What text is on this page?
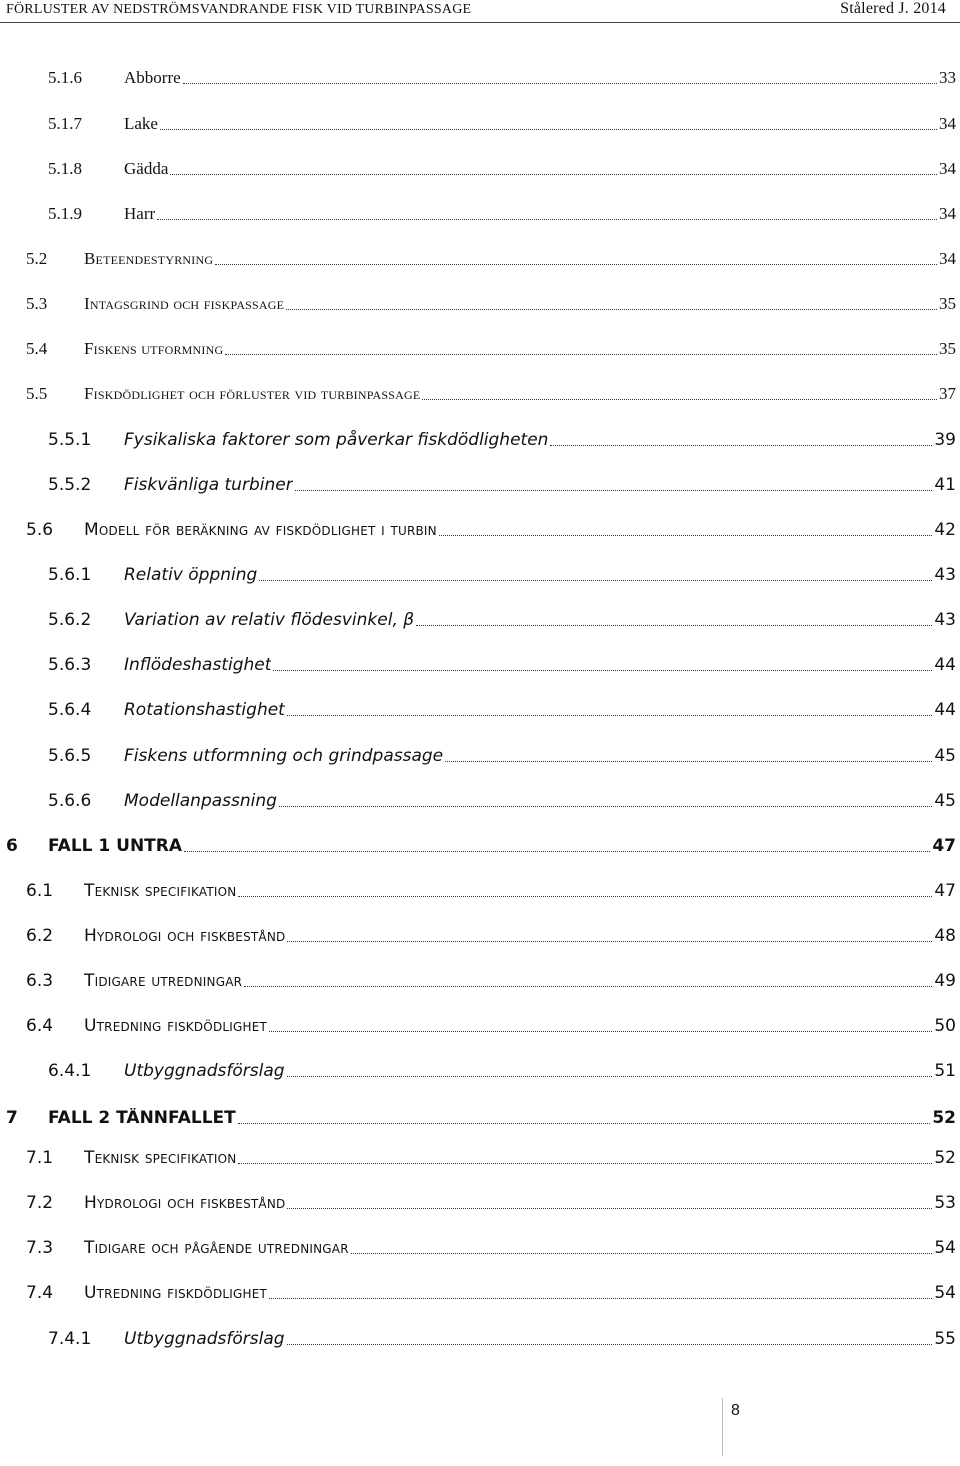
FÖRLUSTER AV NEDSTRÖMSVANDRANDE FISK VID TURBINPASSAGE	Stålered J. 2014
5.1.6	Abborre	33
5.1.7	Lake	34
5.1.8	Gädda	34
5.1.9	Harr	34
5.2	Beteendestyrning	34
5.3	Intagsgrind och fiskpassage	35
5.4	Fiskens utformning	35
5.5	Fiskdödlighet och förluster vid turbinpassage	37
5.5.1	Fysikaliska faktorer som påverkar fiskdödligheten	39
5.5.2	Fiskvänliga turbiner	41
5.6	Modell för beräkning av fiskdödlighet i turbin	42
5.6.1	Relativ öppning	43
5.6.2	Variation av relativ flödesvinkel, β	43
5.6.3	Inflödeshastighet	44
5.6.4	Rotationshastighet	44
5.6.5	Fiskens utformning och grindpassage	45
5.6.6	Modellanpassning	45
6	FALL 1 UNTRA	47
6.1	Teknisk specifikation	47
6.2	Hydrologi och fiskbestånd	48
6.3	Tidigare utredningar	49
6.4	Utredning fiskdödlighet	50
6.4.1	Utbyggnadsförslag	51
7	FALL 2 TÄNNFALLET	52
7.1	Teknisk specifikation	52
7.2	Hydrologi och fiskbestånd	53
7.3	Tidigare och pågående utredningar	54
7.4	Utredning fiskdödlighet	54
7.4.1	Utbyggnadsförslag	55
8
